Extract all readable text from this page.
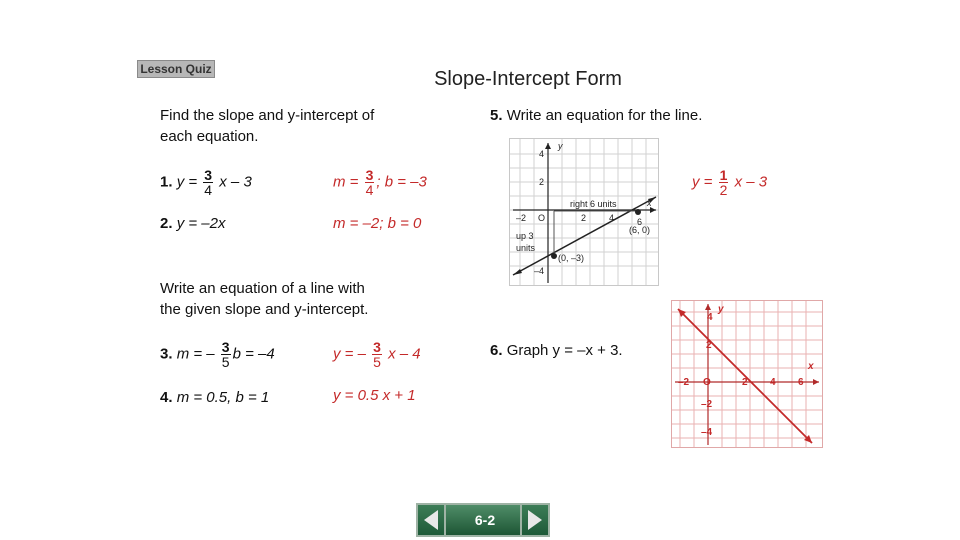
Lesson Quiz	Slope-Intercept Form
Find the slope and y-intercept of
each equation.
1. $y = \frac{3}{4}$ x – 3	$m = \frac{3}{4}$ ; b = –3
2. y = –2x	m = –2; b = 0
Write an equation of a line with
the given slope and y-intercept.
3. m = – $\frac{3}{5}$ b = –4	y = – $\frac{3}{5}$ x – 4
4. m = 0.5, b = 1	y = 0.5 x + 1
5. Write an equation for the line.
$y = \frac{1}{2}$ x – 3
4
2
–4
–2 O	2	4	6
x
y
right 6 units
up 3
units
(0, –3)
(6, 0)
6. Graph y = –x + 3.
4
2
–2
–4
–2 O	2 4 6
x
y
6-2
